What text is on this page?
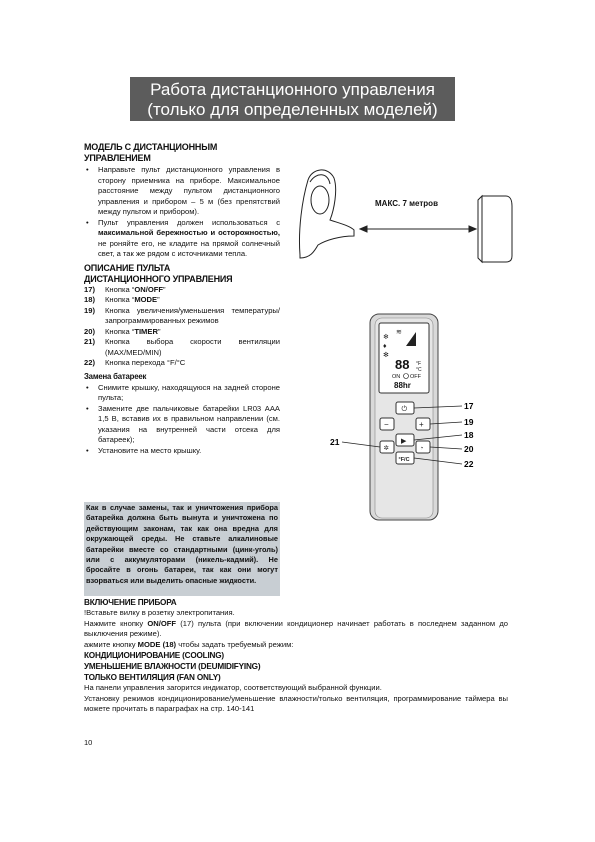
Работа дистанционного управления
(только для определенных моделей)
МОДЕЛЬ С ДИСТАНЦИОННЫМ
УПРАВЛЕНИЕМ
• Направьте пульт дистанционного управления в сторону приемника на приборе. Максимальное расстояние между пультом дистанционного управления и прибором – 5 м (без препятствий между пультом и прибором).
• Пульт управления должен использоваться с максимальной бережностью и осторожностью, не роняйте его, не кладите на прямой солнечный свет, а так же рядом с источниками тепла.
ОПИСАНИЕ ПУЛЬТА
ДИСТАНЦИОННОГО УПРАВЛЕНИЯ
17)	Кнопка “ON/OFF”
18)	Кнопка “MODE”
19)	Кнопка увеличения/уменьшения температуры/ запрограммированных режимов
20)	Кнопка “TIMER”
21)	Кнопка выбора скорости вентиляции (MAX/MED/MIN)
22)	Кнопка перехода °F/°C
Замена батареек
• Снимите крышку, находящуюся на задней стороне пульта;
• Замените две пальчиковые батарейки LR03 AAA 1,5 В, вставив их в правильном направлении (см. указания на внутренней части отсека для батареек);
• Установите на место крышку.
Как в случае замены, так и уничтожения прибора батарейка должна быть вынута и уничтожена по действующим законам, так как она вредна для окружающей среды. Не ставьте алкалиновые батарейки вместе со стандартными (цинк-уголь) или с аккумуляторами (никель-кадмий). Не бросайте в огонь батареи, так как они могут взорваться или выделить опасные жидкости.
ВКЛЮЧЕНИЕ ПРИБОРА
!Вставьте вилку в розетку электропитания.
Нажмите кнопку ON/OFF (17) пульта (при включении кондиционер начинает работать в последнем заданном до выключения режиме).
ажмите кнопку MODE (18) чтобы задать требуемый режим:
КОНДИЦИОНИРОВАНИЕ (COOLING)
УМЕНЬШЕНИЕ ВЛАЖНОСТИ (DEUMIDIFYING)
ТОЛЬКО ВЕНТИЛЯЦИЯ (FAN ONLY)
На панели управления загорится индикатор, соответствующий выбранной функции.
Установку режимов кондиционирование/уменьшение влажности/только вентиляция, программирование таймера вы можете прочитать в параграфах на стр. 140-141
10
МАКС. 7 метров
❄
♦
✻
≋
88 °F
°C
ON OFF
88hr
⏻
−	+
▶
✲	◔
°F/C
17
19
18
20
22
21
